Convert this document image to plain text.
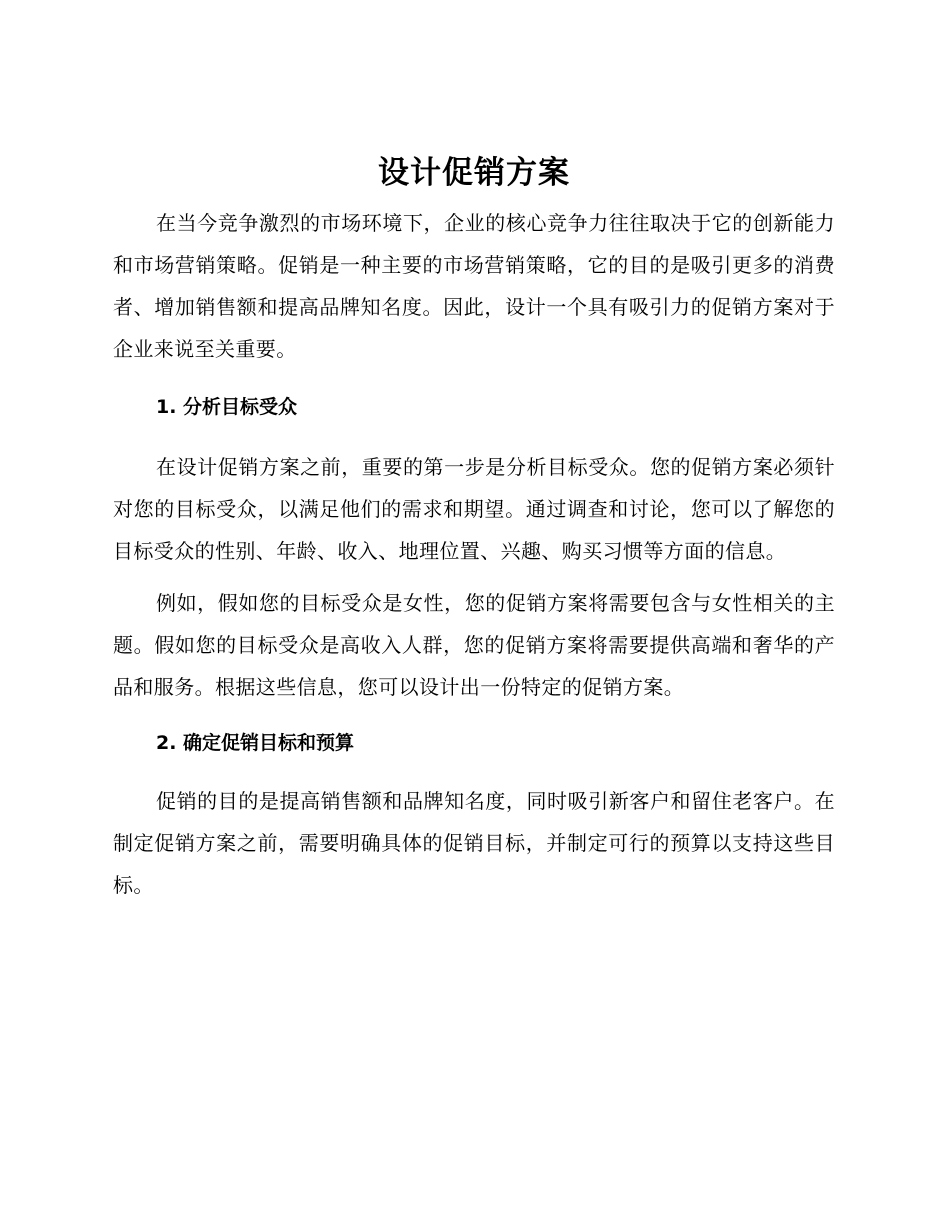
设计促销方案

在当今竞争激烈的市场环境下，企业的核心竞争力往往取决于它的创新能力和市场营销策略。促销是一种主要的市场营销策略，它的目的是吸引更多的消费者、增加销售额和提高品牌知名度。因此，设计一个具有吸引力的促销方案对于企业来说至关重要。

1. 分析目标受众

在设计促销方案之前，重要的第一步是分析目标受众。您的促销方案必须针对您的目标受众，以满足他们的需求和期望。通过调查和讨论，您可以了解您的目标受众的性别、年龄、收入、地理位置、兴趣、购买习惯等方面的信息。

例如，假如您的目标受众是女性，您的促销方案将需要包含与女性相关的主题。假如您的目标受众是高收入人群，您的促销方案将需要提供高端和奢华的产品和服务。根据这些信息，您可以设计出一份特定的促销方案。

2. 确定促销目标和预算

促销的目的是提高销售额和品牌知名度，同时吸引新客户和留住老客户。在制定促销方案之前，需要明确具体的促销目标，并制定可行的预算以支持这些目标。
